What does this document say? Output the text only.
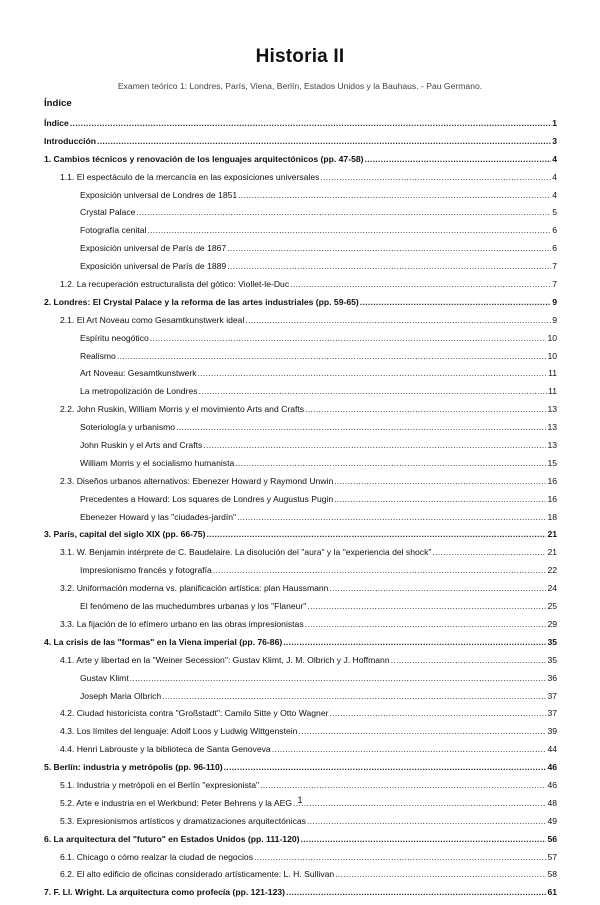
Historia II
Examen teórico 1: Londres, París, Viena, Berlín, Estados Unidos y la Bauhaus. - Pau Germano.
Índice
Índice .....	1
Introducción .....	3
1. Cambios técnicos y renovación de los lenguajes arquitectónicos (pp. 47-58) .....	4
1.1. El espectáculo de la mercancía en las exposiciones universales .....	4
Exposición universal de Londres de 1851 .....	4
Crystal Palace .....	5
Fotografía cenital .....	6
Exposición universal de París de 1867 .....	6
Exposición universal de París de 1889 .....	7
1.2. La recuperación estructuralista del gótico: Viollet-le-Duc .....	7
2. Londres: El Crystal Palace y la reforma de las artes industriales (pp. 59-65) .....	9
2.1. El Art Noveau como Gesamtkunstwerk ideal .....	9
Espíritu neogótico .....	10
Realismo .....	10
Art Noveau: Gesamtkunstwerk .....	11
La metropolización de Londres .....	11
2.2. John Ruskin, William Morris y el movimiento Arts and Crafts .....	13
Soteriología y urbanismo .....	13
John Ruskin y el Arts and Crafts .....	13
William Morris y el socialismo humanista .....	15
2.3. Diseños urbanos alternativos: Ebenezer Howard y Raymond Unwin .....	16
Precedentes a Howard: Los squares de Londres y Augustus Pugin .....	16
Ebenezer Howard y las "ciudades-jardín" .....	18
3. París, capital del siglo XIX (pp. 66-75) .....	21
3.1. W. Benjamin intérprete de C. Baudelaire. La disolución del "aura" y la "experiencia del shock" .....	21
Impresionismo francés y fotografía .....	22
3.2. Uniformación moderna vs. planificación artística: plan Haussmann .....	24
El fenómeno de las muchedumbres urbanas y los "Flaneur" .....	25
3.3. La fijación de lo efímero urbano en las obras impresionistas .....	29
4. La crisis de las "formas" en la Viena imperial (pp. 76-86) .....	35
4.1. Arte y libertad en la "Weiner Secession": Gustav Klimt, J. M. Olbrich y J. Hoffmann .....	35
Gustav Klimt .....	36
Joseph Maria Olbrich .....	37
4.2. Ciudad historicista contra "Großstadt": Camilo Sitte y Otto Wagner .....	37
4.3. Los límites del lenguaje: Adolf Loos y Ludwig Wittgenstein .....	39
4.4. Henri Labrouste y la biblioteca de Santa Genoveva .....	44
5. Berlín: industria y metrópolis (pp. 96-110) .....	46
5.1. Industria y metrópoli en el Berlín "expresionista" .....	46
5.2. Arte e industria en el Werkbund: Peter Behrens y la AEG .....	48
5.3. Expresionismos artísticos y dramatizaciones arquitectónicas .....	49
6. La arquitectura del "futuro" en Estados Unidos (pp. 111-120) .....	56
6.1. Chicago o cómo realzar la ciudad de negocios .....	57
6.2. El alto edificio de oficinas considerado artísticamente: L. H. Sullivan .....	58
7. F. Ll. Wright. La arquitectura como profecía (pp. 121-123) .....	61
1
